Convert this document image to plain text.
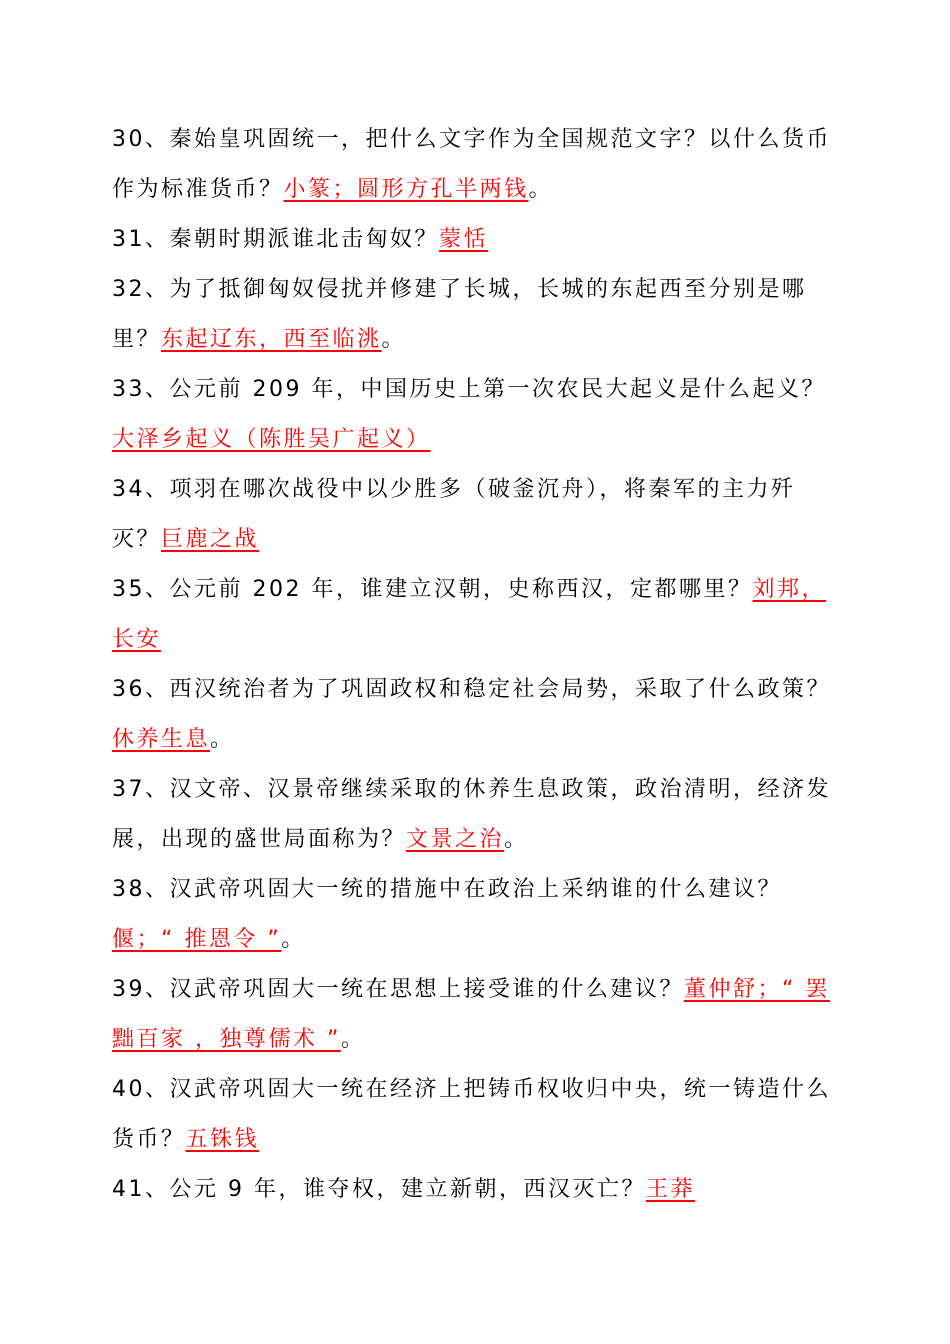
30、秦始皇巩固统一，把什么文字作为全国规范文字？以什么货币作为标准货币？小篆；圆形方孔半两钱。

31、秦朝时期派谁北击匈奴？蒙恬

32、为了抵御匈奴侵扰并修建了长城，长城的东起西至分别是哪里？东起辽东，西至临洮。

33、公元前 209 年，中国历史上第一次农民大起义是什么起义？大泽乡起义（陈胜吴广起义）

34、项羽在哪次战役中以少胜多（破釜沉舟），将秦军的主力歼灭？巨鹿之战

35、公元前 202 年，谁建立汉朝，史称西汉，定都哪里？刘邦，长安

36、西汉统治者为了巩固政权和稳定社会局势，采取了什么政策？休养生息。

37、汉文帝、汉景帝继续采取的休养生息政策，政治清明，经济发展，出现的盛世局面称为？文景之治。

38、汉武帝巩固大一统的措施中在政治上采纳谁的什么建议？偃；“ 推恩令 ”。

39、汉武帝巩固大一统在思想上接受谁的什么建议？董仲舒；“ 罢黜百家 ，独尊儒术 ”。

40、汉武帝巩固大一统在经济上把铸币权收归中央，统一铸造什么货币？五铢钱

41、公元 9 年，谁夺权，建立新朝，西汉灭亡？王莽
